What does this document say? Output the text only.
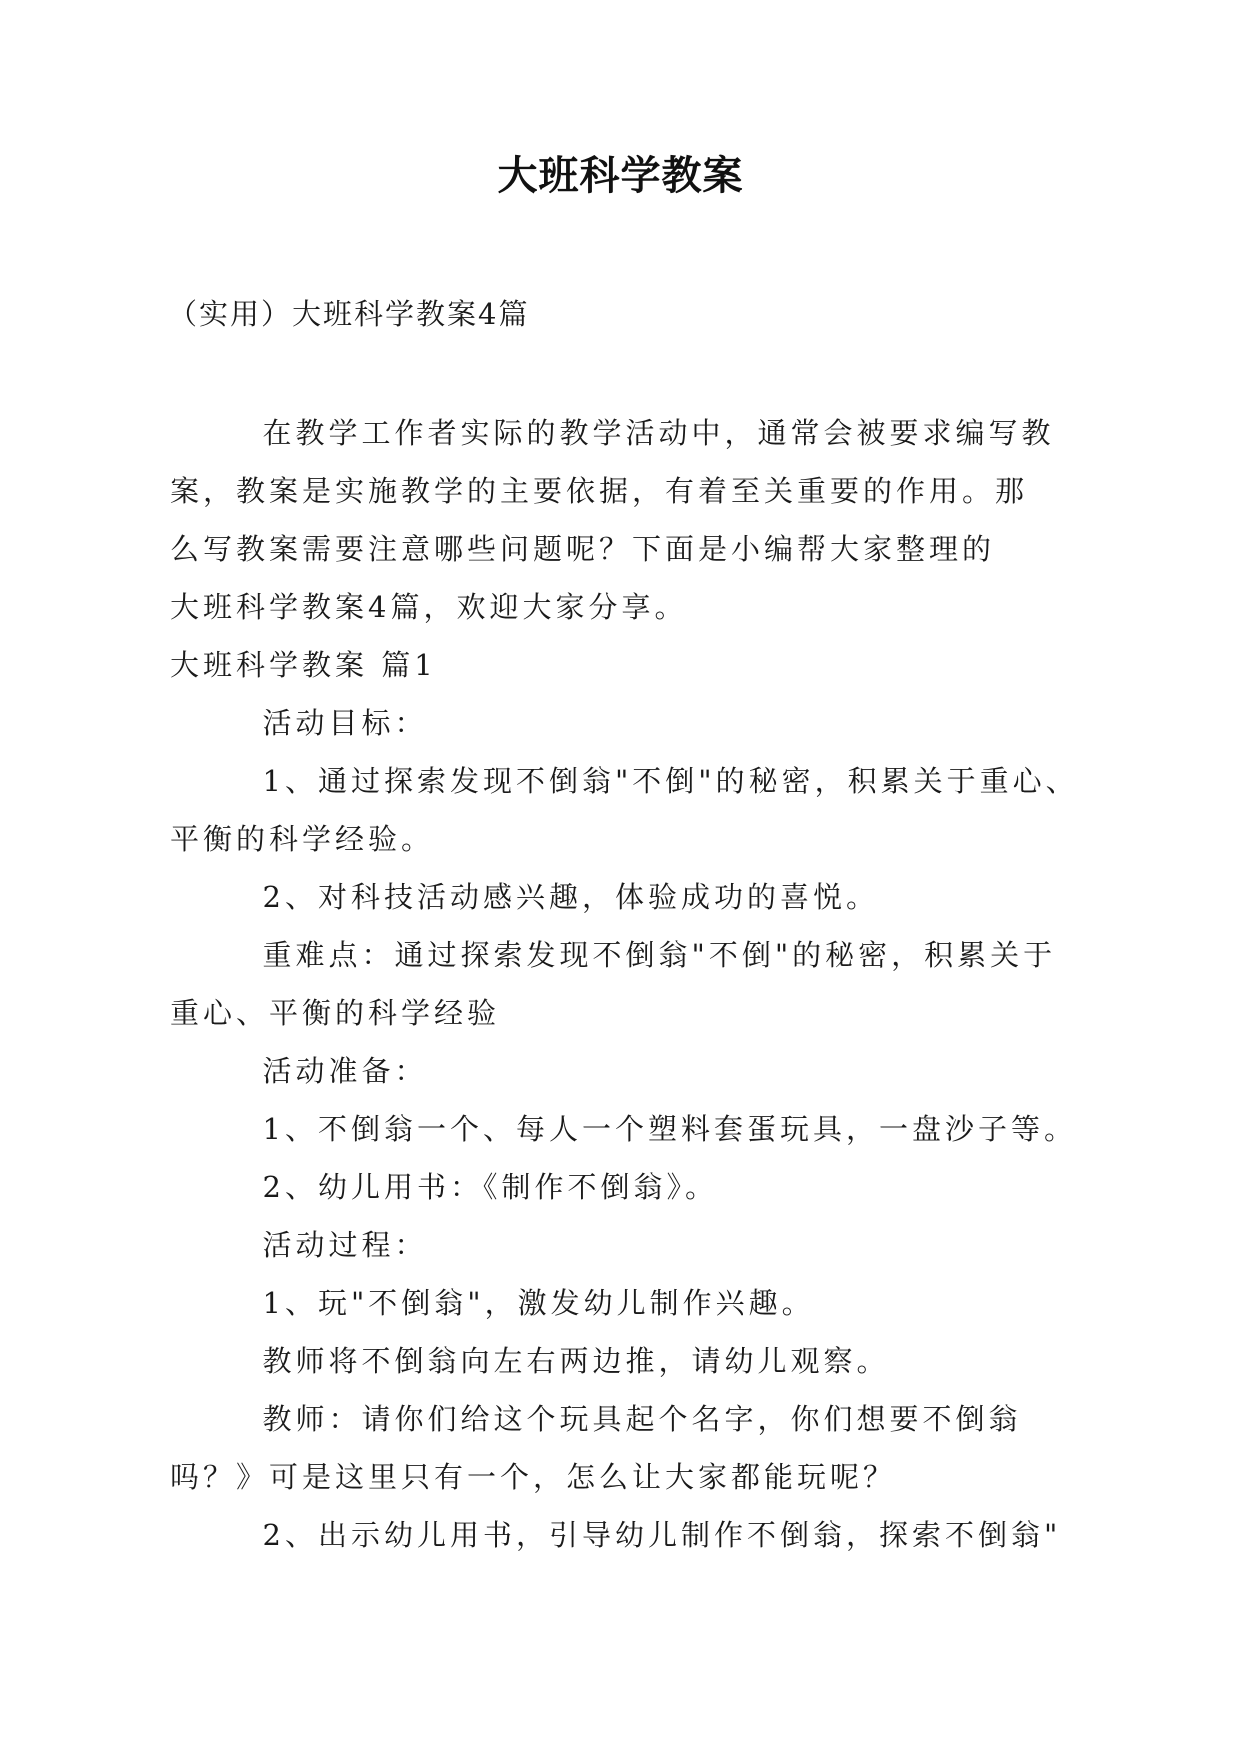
大班科学教案
（实用）大班科学教案4篇

在教学工作者实际的教学活动中，通常会被要求编写教

案，教案是实施教学的主要依据，有着至关重要的作用。那

么写教案需要注意哪些问题呢？下面是小编帮大家整理的

大班科学教案4篇，欢迎大家分享。

大班科学教案 篇1

活动目标：

1、通过探索发现不倒翁"不倒"的秘密，积累关于重心、

平衡的科学经验。

2、对科技活动感兴趣，体验成功的喜悦。

重难点：通过探索发现不倒翁"不倒"的秘密，积累关于

重心、平衡的科学经验

活动准备：

1、不倒翁一个、每人一个塑料套蛋玩具，一盘沙子等。

2、幼儿用书：《制作不倒翁》。

活动过程：

1、玩"不倒翁"，激发幼儿制作兴趣。

教师将不倒翁向左右两边推，请幼儿观察。

教师：请你们给这个玩具起个名字，你们想要不倒翁

吗？》可是这里只有一个，怎么让大家都能玩呢？

2、出示幼儿用书，引导幼儿制作不倒翁，探索不倒翁"
